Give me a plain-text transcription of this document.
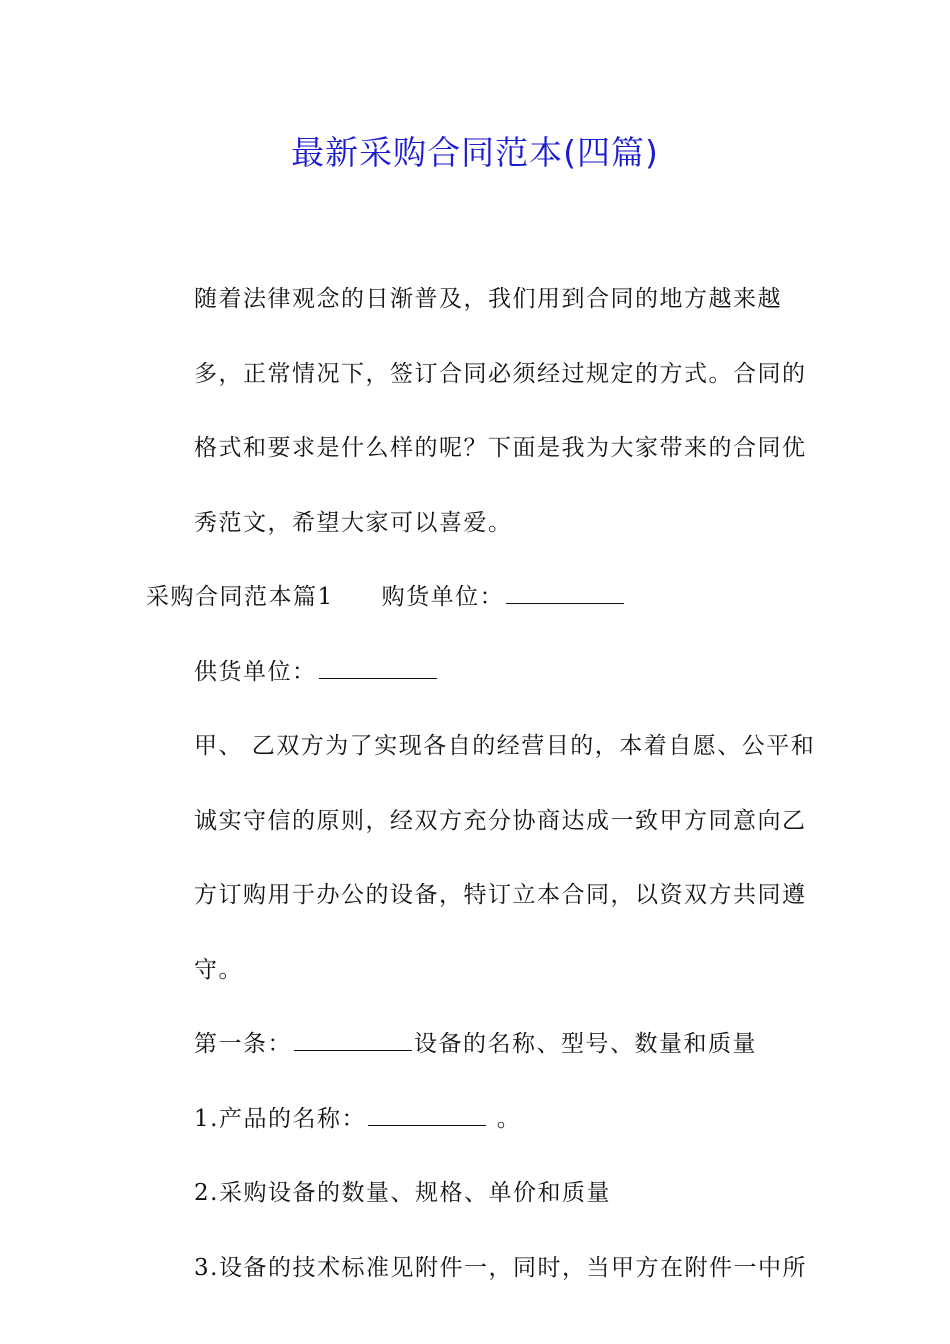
最新采购合同范本(四篇)

随着法律观念的日渐普及，我们用到合同的地方越来越多，正常情况下，签订合同必须经过规定的方式。合同的格式和要求是什么样的呢？下面是我为大家带来的合同优秀范文，希望大家可以喜爱。

采购合同范本篇1 购货单位：

供货单位：

甲、 乙双方为了实现各自的经营目的，本着自愿、公平和诚实守信的原则，经双方充分协商达成一致甲方同意向乙方订购用于办公的设备，特订立本合同，以资双方共同遵守。

第一条：	设备的名称、型号、数量和质量

1.产品的名称：	。

2.采购设备的数量、规格、单价和质量

3.设备的技术标准见附件一，同时，当甲方在附件一中所
